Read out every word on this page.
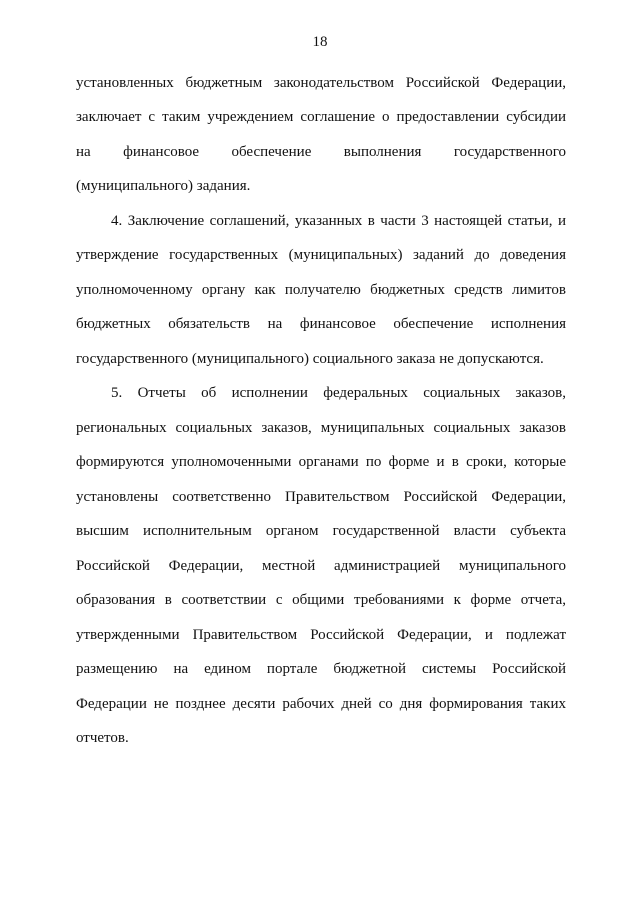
18
установленных бюджетным законодательством Российской Федерации,
заключает с таким учреждением соглашение о предоставлении субсидии
на финансовое обеспечение выполнения государственного
(муниципального) задания.
4. Заключение соглашений, указанных в части 3 настоящей статьи, и
утверждение государственных (муниципальных) заданий до доведения
уполномоченному органу как получателю бюджетных средств лимитов
бюджетных обязательств на финансовое обеспечение исполнения
государственного (муниципального) социального заказа не допускаются.
5. Отчеты об исполнении федеральных социальных заказов,
региональных социальных заказов, муниципальных социальных заказов
формируются уполномоченными органами по форме и в сроки, которые
установлены соответственно Правительством Российской Федерации,
высшим исполнительным органом государственной власти субъекта
Российской Федерации, местной администрацией муниципального
образования в соответствии с общими требованиями к форме отчета,
утвержденными Правительством Российской Федерации, и подлежат
размещению на едином портале бюджетной системы Российской
Федерации не позднее десяти рабочих дней со дня формирования таких
отчетов.
